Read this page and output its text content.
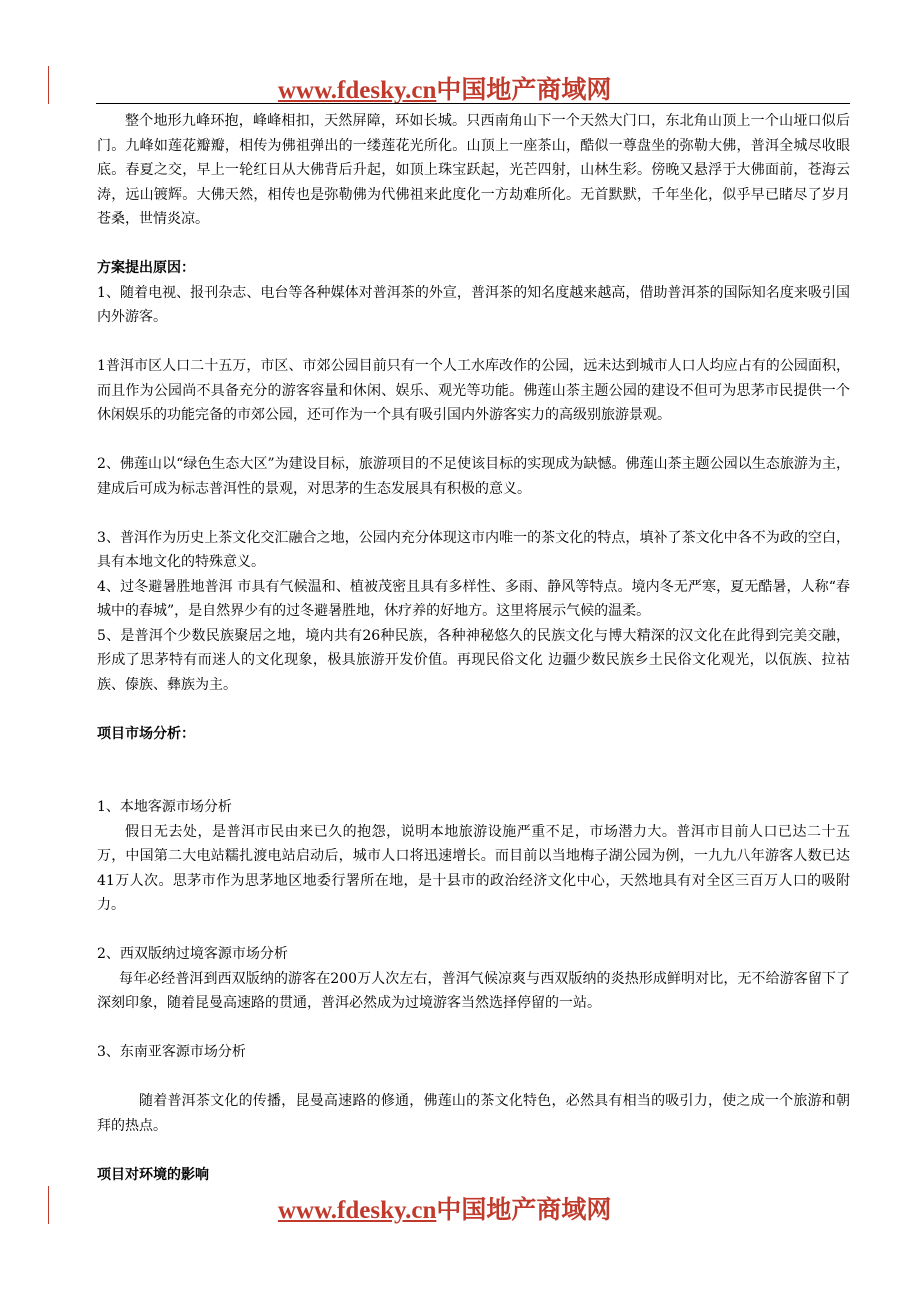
www.fdesky.cn中国地产商域网

整个地形九峰环抱，峰峰相扣，天然屏障，环如长城。只西南角山下一个天然大门口，东北角山顶上一个山垭口似后门。九峰如莲花瓣瓣，相传为佛祖弹出的一缕莲花光所化。山顶上一座茶山，酷似一尊盘坐的弥勒大佛，普洱全城尽收眼底。春夏之交，早上一轮红日从大佛背后升起，如顶上珠宝跃起，光芒四射，山林生彩。傍晚又悬浮于大佛面前，苍海云涛，远山镀辉。大佛天然，相传也是弥勒佛为代佛祖来此度化一方劫难所化。无首默默，千年坐化，似乎早已睹尽了岁月苍桑，世情炎凉。

方案提出原因：

1、随着电视、报刊杂志、电台等各种媒体对普洱茶的外宣，普洱茶的知名度越来越高，借助普洱茶的国际知名度来吸引国内外游客。

1普洱市区人口二十五万，市区、市郊公园目前只有一个人工水库改作的公园，远未达到城市人口人均应占有的公园面积，而且作为公园尚不具备充分的游客容量和休闲、娱乐、观光等功能。佛莲山茶主题公园的建设不但可为思茅市民提供一个休闲娱乐的功能完备的市郊公园，还可作为一个具有吸引国内外游客实力的高级别旅游景观。

2、佛莲山以“绿色生态大区”为建设目标，旅游项目的不足使该目标的实现成为缺憾。佛莲山茶主题公园以生态旅游为主，建成后可成为标志普洱性的景观，对思茅的生态发展具有积极的意义。

3、普洱作为历史上茶文化交汇融合之地，公园内充分体现这市内唯一的茶文化的特点，填补了茶文化中各不为政的空白，具有本地文化的特殊意义。

4、过冬避暑胜地普洱 市具有气候温和、植被茂密且具有多样性、多雨、静风等特点。境内冬无严寒，夏无酷暑，人称“春城中的春城”，是自然界少有的过冬避暑胜地，休疗养的好地方。这里将展示气候的温柔。

5、是普洱个少数民族聚居之地，境内共有26种民族，各种神秘悠久的民族文化与博大精深的汉文化在此得到完美交融，形成了思茅特有而迷人的文化现象，极具旅游开发价值。再现民俗文化 边疆少数民族乡土民俗文化观光，以佤族、拉祜族、傣族、彝族为主。

项目市场分析：

1、本地客源市场分析

假日无去处，是普洱市民由来已久的抱怨，说明本地旅游设施严重不足，市场潜力大。普洱市目前人口已达二十五万，中国第二大电站糯扎渡电站启动后，城市人口将迅速增长。而目前以当地梅子湖公园为例，一九九八年游客人数已达41万人次。思茅市作为思茅地区地委行署所在地，是十县市的政治经济文化中心，天然地具有对全区三百万人口的吸附力。

2、西双版纳过境客源市场分析

每年必经普洱到西双版纳的游客在200万人次左右，普洱气候凉爽与西双版纳的炎热形成鲜明对比，无不给游客留下了深刻印象，随着昆曼高速路的贯通，普洱必然成为过境游客当然选择停留的一站。

3、东南亚客源市场分析

随着普洱茶文化的传播，昆曼高速路的修通，佛莲山的茶文化特色，必然具有相当的吸引力，使之成一个旅游和朝拜的热点。

项目对环境的影响

www.fdesky.cn中国地产商域网
